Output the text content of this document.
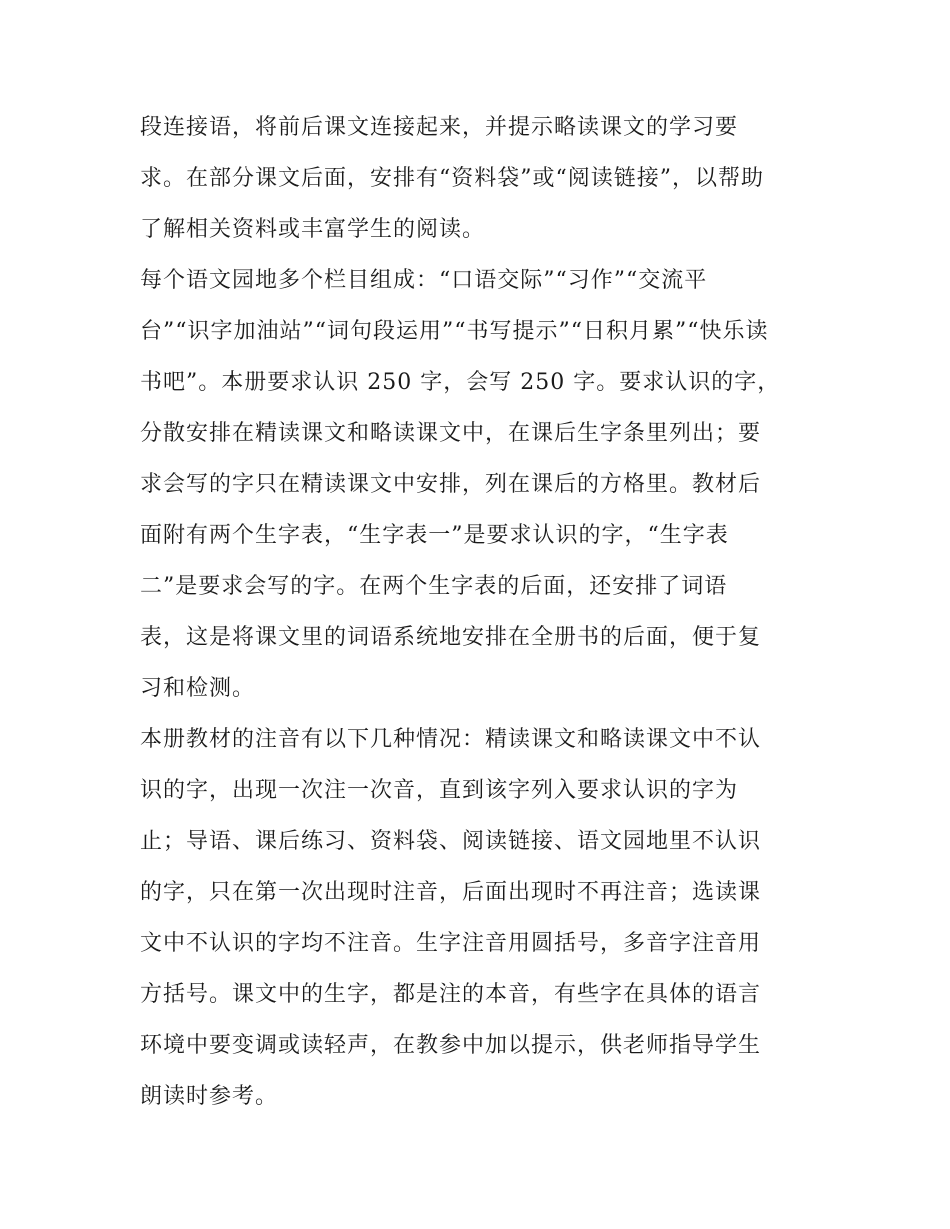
段连接语，将前后课文连接起来，并提示略读课文的学习要
求。在部分课文后面，安排有“资料袋”或“阅读链接”，以帮助
了解相关资料或丰富学生的阅读。
每个语文园地多个栏目组成：“口语交际”“习作”“交流平
台”“识字加油站”“词句段运用”“书写提示”“日积月累”“快乐读
书吧”。本册要求认识 250 字，会写 250 字。要求认识的字，
分散安排在精读课文和略读课文中，在课后生字条里列出；要
求会写的字只在精读课文中安排，列在课后的方格里。教材后
面附有两个生字表，“生字表一”是要求认识的字，“生字表
二”是要求会写的字。在两个生字表的后面，还安排了词语
表，这是将课文里的词语系统地安排在全册书的后面，便于复
习和检测。
本册教材的注音有以下几种情况：精读课文和略读课文中不认
识的字，出现一次注一次音，直到该字列入要求认识的字为
止；导语、课后练习、资料袋、阅读链接、语文园地里不认识
的字，只在第一次出现时注音，后面出现时不再注音；选读课
文中不认识的字均不注音。生字注音用圆括号，多音字注音用
方括号。课文中的生字，都是注的本音，有些字在具体的语言
环境中要变调或读轻声，在教参中加以提示，供老师指导学生
朗读时参考。
